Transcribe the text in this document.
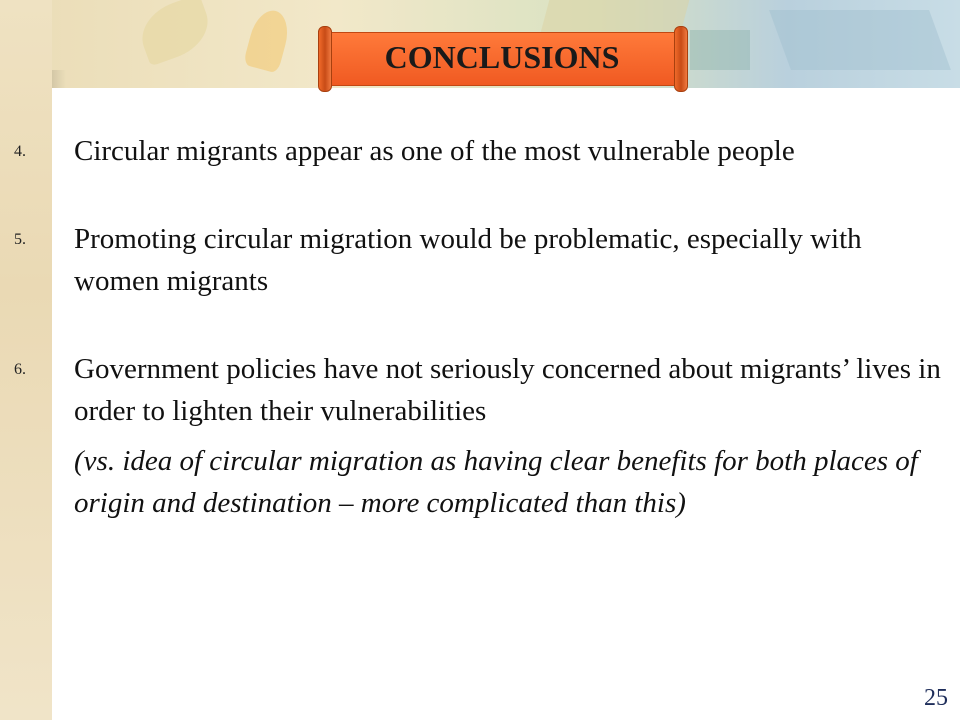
CONCLUSIONS
4. Circular migrants appear as one of the most vulnerable people
5. Promoting circular migration would be problematic, especially with women migrants
6. Government policies have not seriously concerned about migrants’ lives in order to lighten their vulnerabilities
(vs. idea of circular migration as having clear benefits for both places of origin and destination – more complicated than this)
25
